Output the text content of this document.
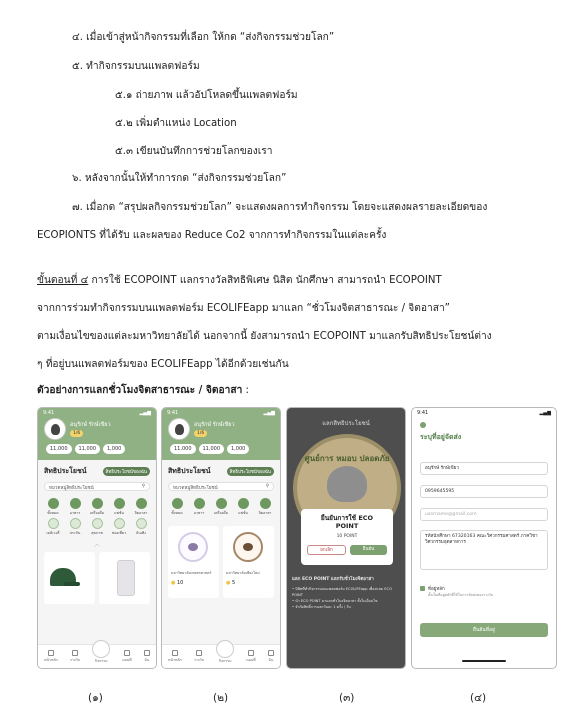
๔. เมื่อเข้าสู่หน้ากิจกรรมที่เลือก ให้กด “ส่งกิจกรรมช่วยโลก”
๕. ทำกิจกรรมบนแพลตฟอร์ม
๕.๑ ถ่ายภาพ แล้วอัปโหลดขึ้นแพลตฟอร์ม
๕.๒ เพิ่มตำแหน่ง Location
๕.๓ เขียนบันทึกการช่วยโลกของเรา
๖. หลังจากนั้นให้ทำการกด “ส่งกิจกรรมช่วยโลก”
๗. เมื่อกด “สรุปผลกิจกรรมช่วยโลก” จะแสดงผลการทำกิจกรรม โดยจะแสดงผลรายละเอียดของ
ECOPIONTS ที่ได้รับ และผลของ Reduce Co2 จากการทำกิจกรรมในแต่ละครั้ง
ขั้นตอนที่ ๔ การใช้ ECOPOINT แลกรางวัลสิทธิพิเศษ นิสิต นักศึกษา สามารถนำ ECOPOINT
จากการร่วมทำกิจกรรมบนแพลตฟอร์ม ECOLIFEapp มาแลก “ชั่วโมงจิตสาธารณะ / จิตอาสา”
ตามเงื่อนไขของแต่ละมหาวิทยาลัยได้ นอกจากนี้ ยังสามารถนำ ECOPOINT มาแลกรับสิทธิประโยชน์ต่าง
ๆ ที่อยู่บนแพลตฟอร์มของ ECOLIFEapp ได้อีกด้วยเช่นกัน
ตัวอย่างการแลกชั่วโมงจิตสาธารณะ / จิตอาสา :
9:41	▂▄▆
อนุรักษ์ รักษ์เขียว
1/6
11,000	11,000	1,000
สิทธิประโยชน์	สิทธิประโยชน์ของฉัน
หมวดหมู่สิทธิประโยชน์	⚲
ทั้งหมด	อาหาร	เครื่องดื่ม	แฟชั่น	จิตอาสา
เดลิเวอรี่	ประกัน	สุขภาพ	ท่องเที่ยว	บันเทิง
︿
หน้าหลัก	รางวัล	กิจกรรม	แผนที่	ฉัน
9:41	▂▄▆
อนุรักษ์ รักษ์เขียว
1/6
11,000	11,000	1,000
สิทธิประโยชน์	สิทธิประโยชน์ของฉัน
หมวดหมู่สิทธิประโยชน์	⚲
ทั้งหมด	อาหาร	เครื่องดื่ม	แฟชั่น	จิตอาสา
มหาวิทยาลัยเกษตรศาสตร์
● 10
มหาวิทยาลัยเชียงใหม่
● 5
หน้าหลัก	รางวัล	กิจกรรม	แผนที่	ฉัน
แลกสิทธิประโยชน์
ศูนย์การ หมอบ ปลอดภัย
ยืนยันการใช้ ECO POINT
10 POINT
ยกเลิก	ยืนยัน
แลก ECO POINT แลกรับชั่วโมงจิตอาสา
• นิสิตที่ทำกิจกรรมบนแพลตฟอร์ม ECOLIFEapp เพื่อสะสม ECO POINT
• นำ ECO POINT มาแลกชั่วโมงจิตอาสา ตั้งในเงื่อนไข
• จำกัดสิทธิ์การแลกวันละ 1 ครั้ง / วัน
9:41	▂▄▆
ระบุที่อยู่จัดส่ง
อนุรักษ์ รักษ์เขียว
0959645595
username@gmail.com
รหัสนักศึกษา 67320163 คณะวิศวกรรมศาสตร์ ภาควิชาวิศวกรรมอุตสาหการ
ที่อยู่หลัก
ตั้งเป็นที่อยู่หลักที่ใช้ในการจัดส่งของรางวัล
ยืนยันที่อยู่
(๑)	(๒)	(๓)	(๔)
